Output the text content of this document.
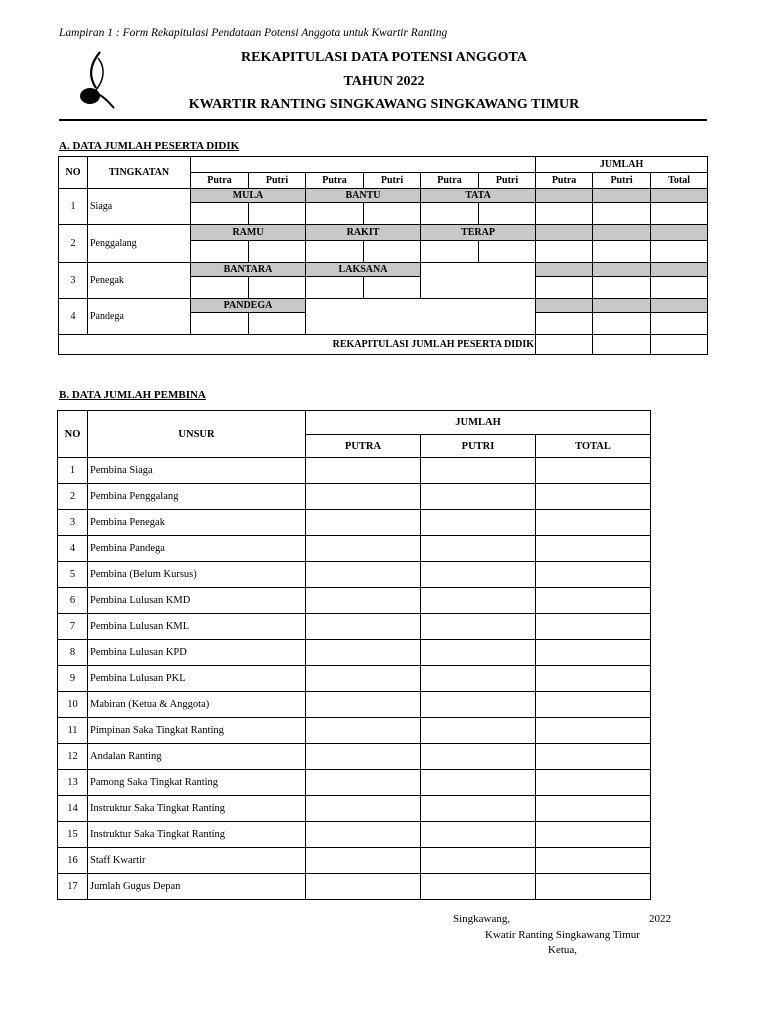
Lampiran 1 : Form Rekapitulasi Pendataan Potensi Anggota untuk Kwartir Ranting
REKAPITULASI DATA POTENSI ANGGOTA
TAHUN 2022
KWARTIR RANTING SINGKAWANG SINGKAWANG TIMUR
A. DATA JUMLAH PESERTA DIDIK
NO	TINGKATAN							JUMLAH		
		Putra	Putri	Putra	Putri	Putra	Putri	Putra	Putri	Total
1	Siaga	MULA		BANTU		TATA				

2	Penggalang	RAMU		RAKIT		TERAP				

3	Penegak	BANTARA		LAKSANA						

4	Pandega	PANDEGA								

REKAPITULASI JUMLAH PESERTA DIDIK										
B. DATA JUMLAH PEMBINA
NO	UNSUR	JUMLAH		
		PUTRA	PUTRI	TOTAL
1	Pembina Siaga			
2	Pembina Penggalang			
3	Pembina Penegak			
4	Pembina Pandega			
5	Pembina (Belum Kursus)			
6	Pembina Lulusan KMD			
7	Pembina Lulusan KML			
8	Pembina Lulusan KPD			
9	Pembina Lulusan PKL			
10	Mabiran (Ketua & Anggota)			
11	Pimpinan Saka Tingkat Ranting			
12	Andalan Ranting			
13	Pamong Saka Tingkat Ranting			
14	Instruktur Saka Tingkat Ranting			
15	Instruktur Saka Tingkat Ranting			
16	Staff Kwartir			
17	Jumlah Gugus Depan			
Singkawang,	2022
Kwatir Ranting Singkawang Timur
Ketua,
